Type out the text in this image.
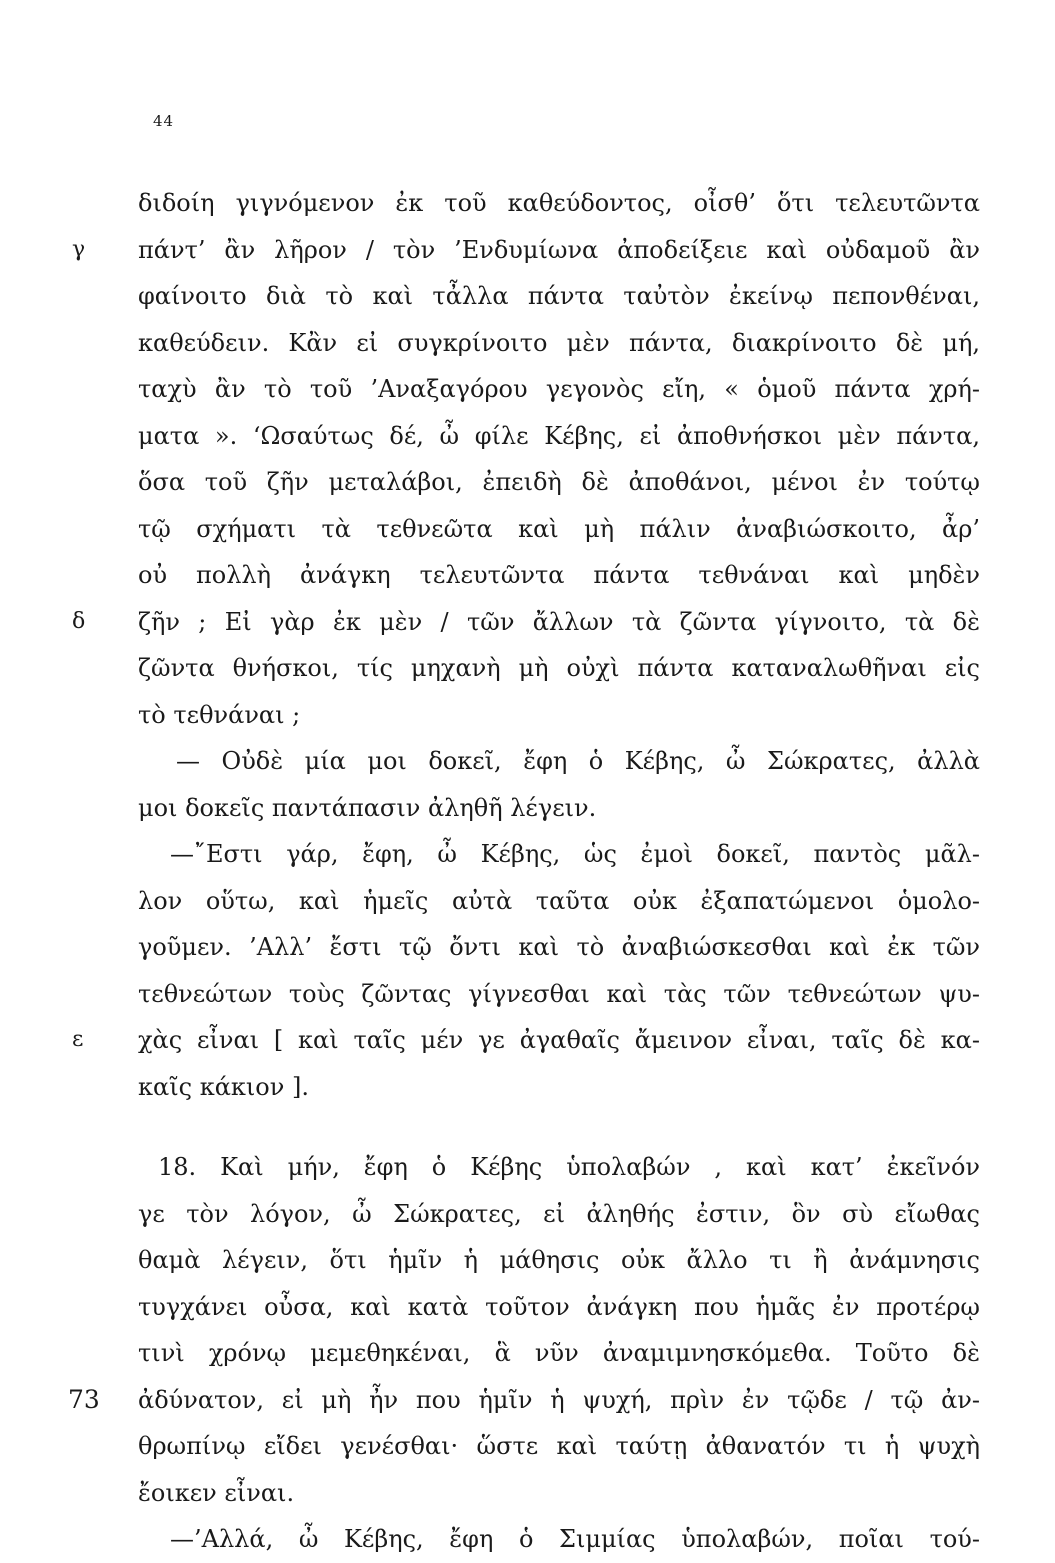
44
διδοίη γιγνόμενον ἐκ τοῦ καθεύδοντος, οἶσθ’ ὅτι τελευτῶντα
γ	πάντ’ ἂν λῆρον / τὸν ’Ενδυμίωνα ἀποδείξειε καὶ οὐδαμοῦ ἂν
φαίνοιτο διὰ τὸ καὶ τἆλλα πάντα ταὐτὸν ἐκείνῳ πεπονθέναι,
καθεύδειν. Κἂν εἰ συγκρίνοιτο μὲν πάντα, διακρίνοιτο δὲ μή,
ταχὺ ἂν τὸ τοῦ ’Αναξαγόρου γεγονὸς εἴη, « ὁμοῦ πάντα χρή-
ματα ». ‘Ωσαύτως δέ, ὦ φίλε Κέβης, εἰ ἀποθνήσκοι μὲν πάντα,
ὅσα τοῦ ζῆν μεταλάβοι, ἐπειδὴ δὲ ἀποθάνοι, μένοι ἐν τούτῳ
τῷ σχήματι τὰ τεθνεῶτα καὶ μὴ πάλιν ἀναβιώσκοιτο, ἆρ’
οὐ πολλὴ ἀνάγκη τελευτῶντα πάντα τεθνάναι καὶ μηδὲν
δ	ζῆν ; Εἰ γὰρ ἐκ μὲν / τῶν ἄλλων τὰ ζῶντα γίγνοιτο, τὰ δὲ
ζῶντα θνήσκοι, τίς μηχανὴ μὴ οὐχὶ πάντα καταναλωθῆναι εἰς
τὸ τεθνάναι ;
— Οὐδὲ μία μοι δοκεῖ, ἔφη ὁ Κέβης, ὦ Σώκρατες, ἀλλὰ
μοι δοκεῖς παντάπασιν ἀληθῆ λέγειν.
—῎Εστι γάρ, ἔφη, ὦ Κέβης, ὡς ἐμοὶ δοκεῖ, παντὸς μᾶλ-
λον οὕτω, καὶ ἡμεῖς αὐτὰ ταῦτα οὐκ ἐξαπατώμενοι ὁμολο-
γοῦμεν. ’Αλλ’ ἔστι τῷ ὄντι καὶ τὸ ἀναβιώσκεσθαι καὶ ἐκ τῶν
τεθνεώτων τοὺς ζῶντας γίγνεσθαι καὶ τὰς τῶν τεθνεώτων ψυ-
ε	χὰς εἶναι [ καὶ ταῖς μέν γε ἀγαθαῖς ἄμεινον εἶναι, ταῖς δὲ κα-
καῖς κάκιον ].
18. Καὶ μήν, ἔφη ὁ Κέβης ὑπολαβών , καὶ κατ’ ἐκεῖνόν
γε τὸν λόγον, ὦ Σώκρατες, εἰ ἀληθής ἐστιν, ὃν σὺ εἴωθας
θαμὰ λέγειν, ὅτι ἡμῖν ἡ μάθησις οὐκ ἄλλο τι ἢ ἀνάμνησις
τυγχάνει οὖσα, καὶ κατὰ τοῦτον ἀνάγκη που ἡμᾶς ἐν προτέρῳ
τινὶ χρόνῳ μεμεθηκέναι, ἃ νῦν ἀναμιμνησκόμεθα. Τοῦτο δὲ
73	ἀδύνατον, εἰ μὴ ἦν που ἡμῖν ἡ ψυχή, πρὶν ἐν τῷδε / τῷ ἀν-
θρωπίνῳ εἴδει γενέσθαι· ὥστε καὶ ταύτῃ ἀθανατόν τι ἡ ψυχὴ
ἔοικεν εἶναι.
—’Αλλά, ὦ Κέβης, ἔφη ὁ Σιμμίας ὑπολαβών, ποῖαι τού-
